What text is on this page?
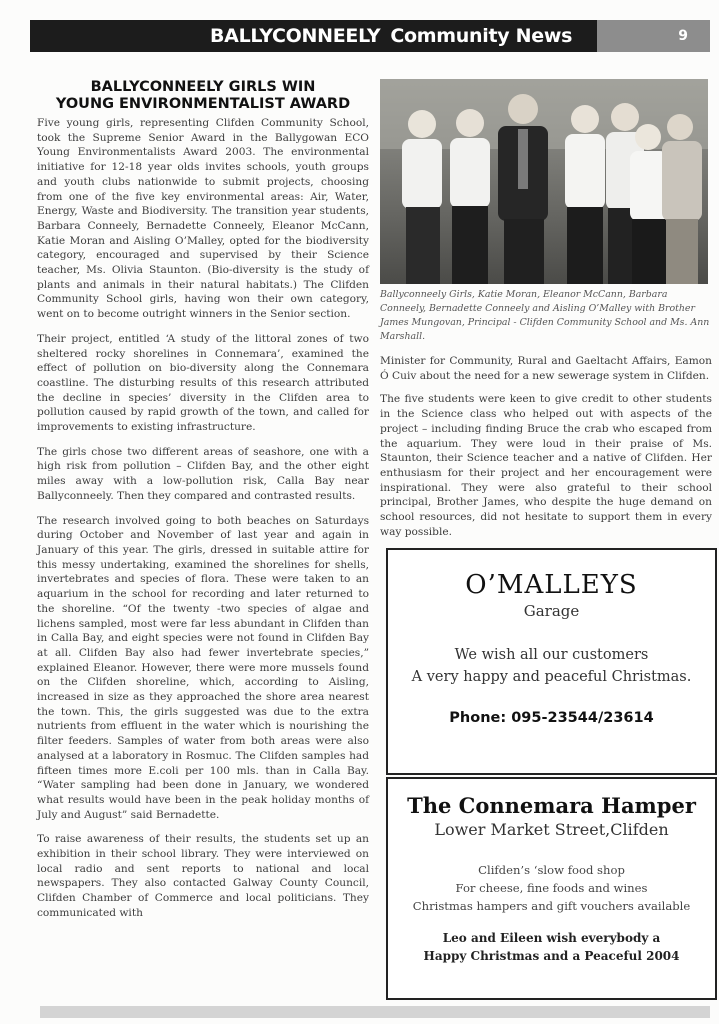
BALLYCONNEELY Community News	9
BALLYCONNEELY GIRLS WIN
YOUNG ENVIRONMENTALIST AWARD

Five young girls, representing Clifden Community School, took the Supreme Senior Award in the Ballygowan ECO Young Environmentalists Award 2003. The environmental initiative for 12-18 year olds invites schools, youth groups and youth clubs nationwide to submit projects, choosing from one of the five key environmental areas: Air, Water, Energy, Waste and Biodiversity. The transition year students, Barbara Conneely, Bernadette Conneely, Eleanor McCann, Katie Moran and Aisling O’Malley, opted for the biodiversity category, encouraged and supervised by their Science teacher, Ms. Olivia Staunton. (Bio-diversity is the study of plants and animals in their natural habitats.) The Clifden Community School girls, having won their own category, went on to become outright winners in the Senior section.

Their project, entitled ‘A study of the littoral zones of two sheltered rocky shorelines in Connemara’, examined the effect of pollution on bio-diversity along the Connemara coastline. The disturbing results of this research attributed the decline in species’ diversity in the Clifden area to pollution caused by rapid growth of the town, and called for improvements to existing infrastructure.

The girls chose two different areas of seashore, one with a high risk from pollution – Clifden Bay, and the other eight miles away with a low-pollution risk, Calla Bay near Ballyconneely. Then they compared and contrasted results.

The research involved going to both beaches on Saturdays during October and November of last year and again in January of this year. The girls, dressed in suitable attire for this messy undertaking, examined the shorelines for shells, invertebrates and species of flora. These were taken to an aquarium in the school for recording and later returned to the shoreline. “Of the twenty -two species of algae and lichens sampled, most were far less abundant in Clifden than in Calla Bay, and eight species were not found in Clifden Bay at all. Clifden Bay also had fewer invertebrate species,” explained Eleanor. However, there were more mussels found on the Clifden shoreline, which, according to Aisling, increased in size as they approached the shore area nearest the town. This, the girls suggested was due to the extra nutrients from effluent in the water which is nourishing the filter feeders. Samples of water from both areas were also analysed at a laboratory in Rosmuc. The Clifden samples had fifteen times more E.coli per 100 mls. than in Calla Bay. “Water sampling had been done in January, we wondered what results would have been in the peak holiday months of July and August” said Bernadette.

To raise awareness of their results, the students set up an exhibition in their school library. They were interviewed on local radio and sent reports to national and local newspapers. They also contacted Galway County Council, Clifden Chamber of Commerce and local politicians. They communicated with

Ballyconneely Girls, Katie Moran, Eleanor McCann, Barbara Conneely, Bernadette Conneely and Aisling O’Malley with Brother James Mungovan, Principal - Clifden Community School and Ms. Ann Marshall.

Minister for Community, Rural and Gaeltacht Affairs, Eamon Ó Cuiv about the need for a new sewerage system in Clifden.

The five students were keen to give credit to other students in the Science class who helped out with aspects of the project – including finding Bruce the crab who escaped from the aquarium. They were loud in their praise of Ms. Staunton, their Science teacher and a native of Clifden. Her enthusiasm for their project and her encouragement were inspirational. They were also grateful to their school principal, Brother James, who despite the huge demand on school resources, did not hesitate to support them in every way possible.

O’MALLEYS
Garage
We wish all our customers
A very happy and peaceful Christmas.
Phone: 095-23544/23614
The Connemara Hamper
Lower Market Street,Clifden
Clifden’s ‘slow food shop
For cheese, fine foods and wines
Christmas hampers and gift vouchers available
Leo and Eileen wish everybody a
Happy Christmas and a Peaceful 2004
